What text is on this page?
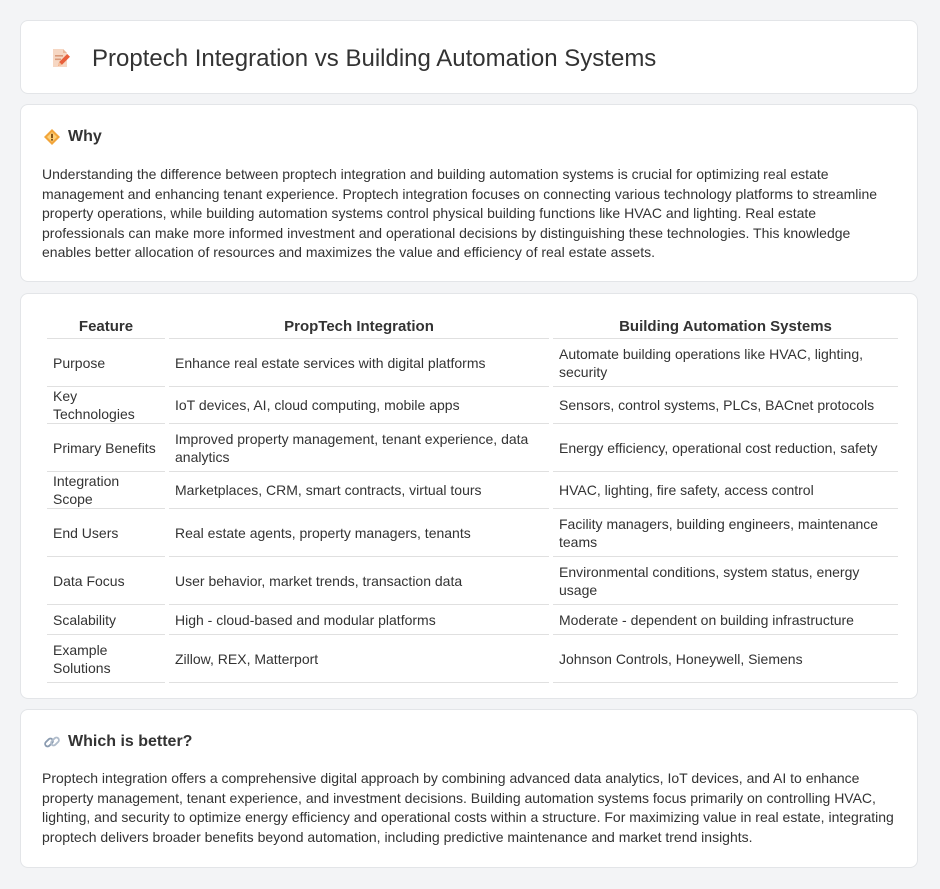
Proptech Integration vs Building Automation Systems
Why

Understanding the difference between proptech integration and building automation systems is crucial for optimizing real estate management and enhancing tenant experience. Proptech integration focuses on connecting various technology platforms to streamline property operations, while building automation systems control physical building functions like HVAC and lighting. Real estate professionals can make more informed investment and operational decisions by distinguishing these technologies. This knowledge enables better allocation of resources and maximizes the value and efficiency of real estate assets.

Feature	PropTech Integration	Building Automation Systems
Purpose	Enhance real estate services with digital platforms	Automate building operations like HVAC, lighting, security
Key Technologies	IoT devices, AI, cloud computing, mobile apps	Sensors, control systems, PLCs, BACnet protocols
Primary Benefits	Improved property management, tenant experience, data analytics	Energy efficiency, operational cost reduction, safety
Integration Scope	Marketplaces, CRM, smart contracts, virtual tours	HVAC, lighting, fire safety, access control
End Users	Real estate agents, property managers, tenants	Facility managers, building engineers, maintenance teams
Data Focus	User behavior, market trends, transaction data	Environmental conditions, system status, energy usage
Scalability	High - cloud-based and modular platforms	Moderate - dependent on building infrastructure
Example Solutions	Zillow, REX, Matterport	Johnson Controls, Honeywell, Siemens
Which is better?

Proptech integration offers a comprehensive digital approach by combining advanced data analytics, IoT devices, and AI to enhance property management, tenant experience, and investment decisions. Building automation systems focus primarily on controlling HVAC, lighting, and security to optimize energy efficiency and operational costs within a structure. For maximizing value in real estate, integrating proptech delivers broader benefits beyond automation, including predictive maintenance and market trend insights.
